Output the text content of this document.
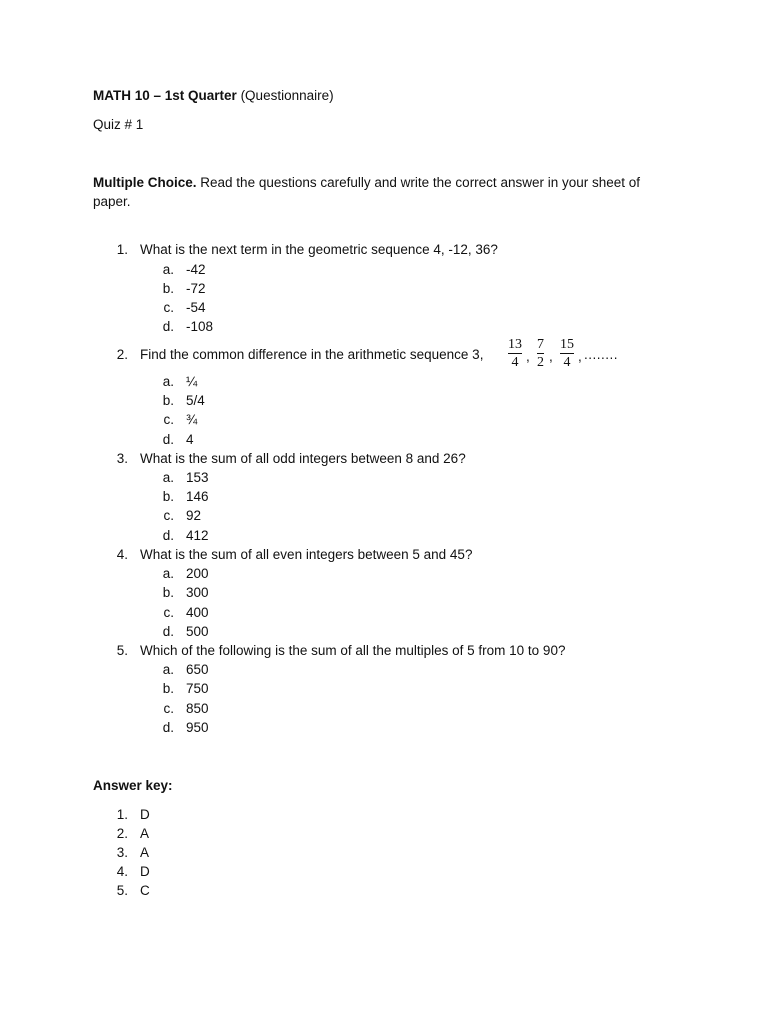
MATH 10 – 1st Quarter (Questionnaire)
Quiz # 1
Multiple Choice. Read the questions carefully and write the correct answer in your sheet of
paper.
1. What is the next term in the geometric sequence 4, -12, 36?
a. -42
b. -72
c. -54
d. -108
2. Find the common difference in the arithmetic sequence 3,
13
4 ,
7
2 ,
15
4 , ........
a. ¼
b. 5/4
c. ¾
d. 4
3. What is the sum of all odd integers between 8 and 26?
a. 153
b. 146
c. 92
d. 412
4. What is the sum of all even integers between 5 and 45?
a. 200
b. 300
c. 400
d. 500
5. Which of the following is the sum of all the multiples of 5 from 10 to 90?
a. 650
b. 750
c. 850
d. 950
Answer key:
1. D
2. A
3. A
4. D
5. C
